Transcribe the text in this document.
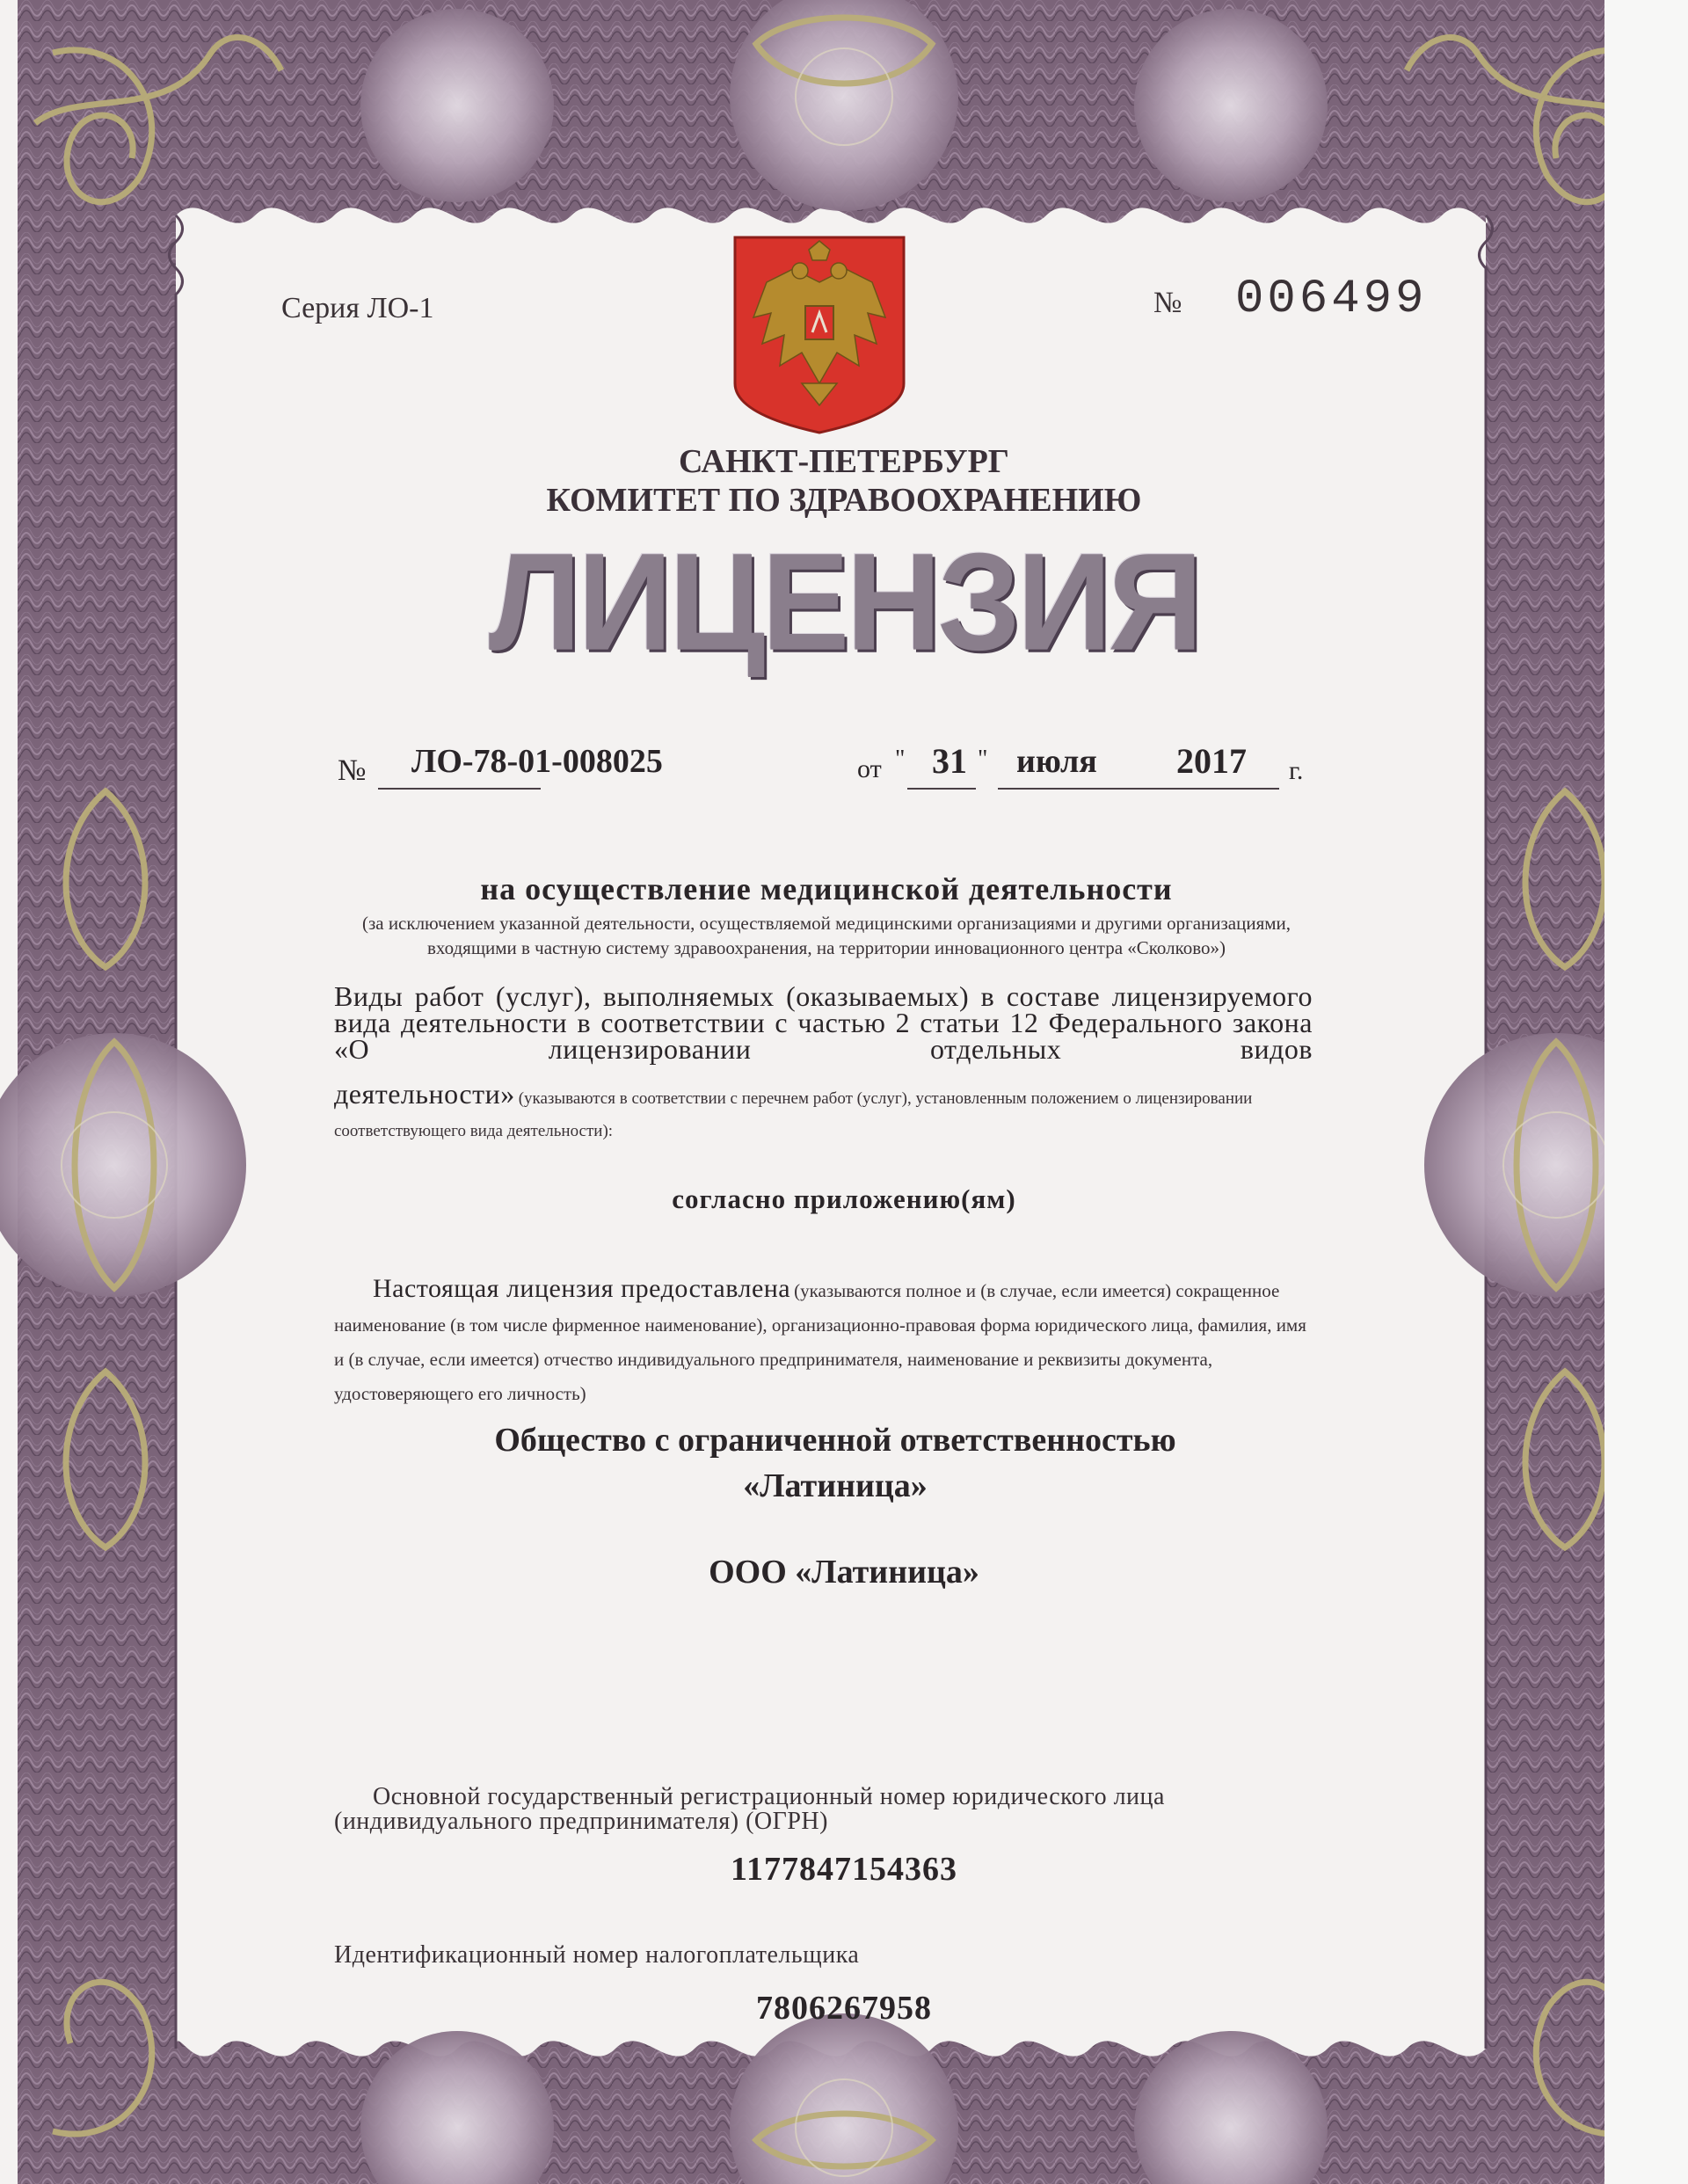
Серия ЛО-1	№ 006499
САНКТ-ПЕТЕРБУРГ
КОМИТЕТ ПО ЗДРАВООХРАНЕНИЮ
ЛИЦЕНЗИЯ
№ ЛО-78-01-008025	от " 31 " июля 2017 г.
на осуществление медицинской деятельности
(за исключением указанной деятельности, осуществляемой медицинскими организациями и другими организациями, входящими в частную систему здравоохранения, на территории инновационного центра «Сколково»)
Виды работ (услуг), выполняемых (оказываемых) в составе лицензируемого вида деятельности в соответствии с частью 2 статьи 12 Федерального закона «О лицензировании отдельных видов
деятельности» (указываются в соответствии с перечнем работ (услуг), установленным положением о лицензировании соответствующего вида деятельности):
согласно приложению(ям)

Настоящая лицензия предоставлена (указываются полное и (в случае, если имеется) сокращенное наименование (в том числе фирменное наименование), организационно-правовая форма юридического лица, фамилия, имя и (в случае, если имеется) отчество индивидуального предпринимателя, наименование и реквизиты документа, удостоверяющего его личность)

Общество с ограниченной ответственностью
«Латиница»
ООО «Латиница»
Основной государственный регистрационный номер юридического лица
(индивидуального предпринимателя) (ОГРН)
1177847154363
Идентификационный номер налогоплательщика
7806267958
